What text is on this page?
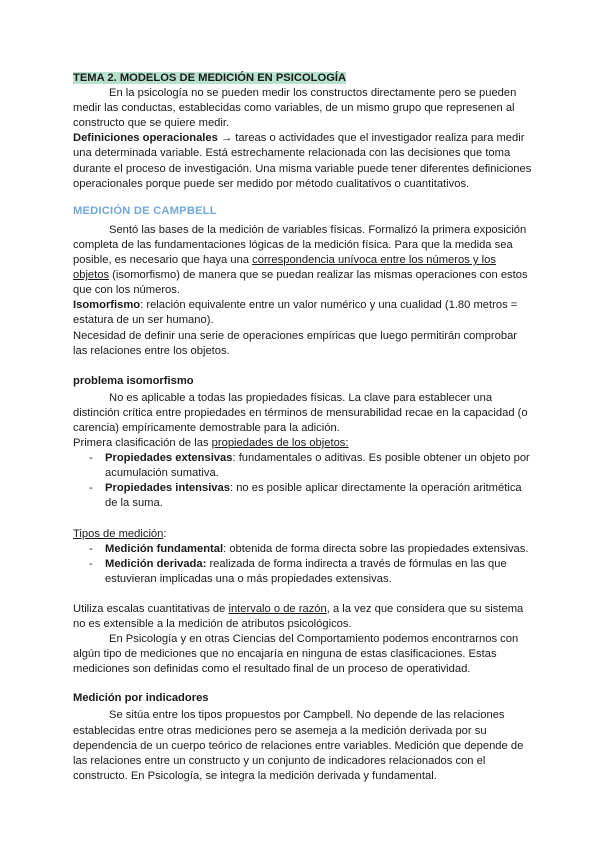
TEMA 2. MODELOS DE MEDICIÓN EN PSICOLOGÍA

En la psicología no se pueden medir los constructos directamente pero se pueden medir las conductas, establecidas como variables, de un mismo grupo que represenen al constructo que se quiere medir.

Definiciones operacionales → tareas o actividades que el investigador realiza para medir una determinada variable. Está estrechamente relacionada con las decisiones que toma durante el proceso de investigación. Una misma variable puede tener diferentes definiciones operacionales porque puede ser medido por método cualitativos o cuantitativos.

MEDICIÓN DE CAMPBELL

Sentó las bases de la medición de variables físicas. Formalizó la primera exposición completa de las fundamentaciones lógicas de la medición física. Para que la medida sea posible, es necesario que haya una correspondencia unívoca entre los números y los objetos (isomorfismo) de manera que se puedan realizar las mismas operaciones con estos que con los números.

Isomorfismo: relación equivalente entre un valor numérico y una cualidad (1.80 metros = estatura de un ser humano).

Necesidad de definir una serie de operaciones empíricas que luego permitirán comprobar las relaciones entre los objetos.

problema isomorfismo

No es aplicable a todas las propiedades físicas. La clave para establecer una distinción crítica entre propiedades en términos de mensurabilidad recae en la capacidad (o carencia) empíricamente demostrable para la adición.

Primera clasificación de las propiedades de los objetos:

- Propiedades extensivas: fundamentales o aditivas. Es posible obtener un objeto por acumulación sumativa.
- Propiedades intensivas: no es posible aplicar directamente la operación aritmética de la suma.

Tipos de medición:

- Medición fundamental: obtenida de forma directa sobre las propiedades extensivas.
- Medición derivada: realizada de forma indirecta a través de fórmulas en las que estuvieran implicadas una o más propiedades extensivas.

Utiliza escalas cuantitativas de intervalo o de razón, a la vez que considera que su sistema no es extensible a la medición de atributos psicológicos.

En Psicología y en otras Ciencias del Comportamiento podemos encontrarnos con algún tipo de mediciones que no encajaría en ninguna de estas clasificaciones. Estas mediciones son definidas como el resultado final de un proceso de operatividad.

Medición por indicadores

Se sitúa entre los tipos propuestos por Campbell. No depende de las relaciones establecidas entre otras mediciones pero se asemeja a la medición derivada por su dependencia de un cuerpo teórico de relaciones entre variables. Medición que depende de las relaciones entre un constructo y un conjunto de indicadores relacionados con el constructo. En Psicología, se integra la medición derivada y fundamental.
